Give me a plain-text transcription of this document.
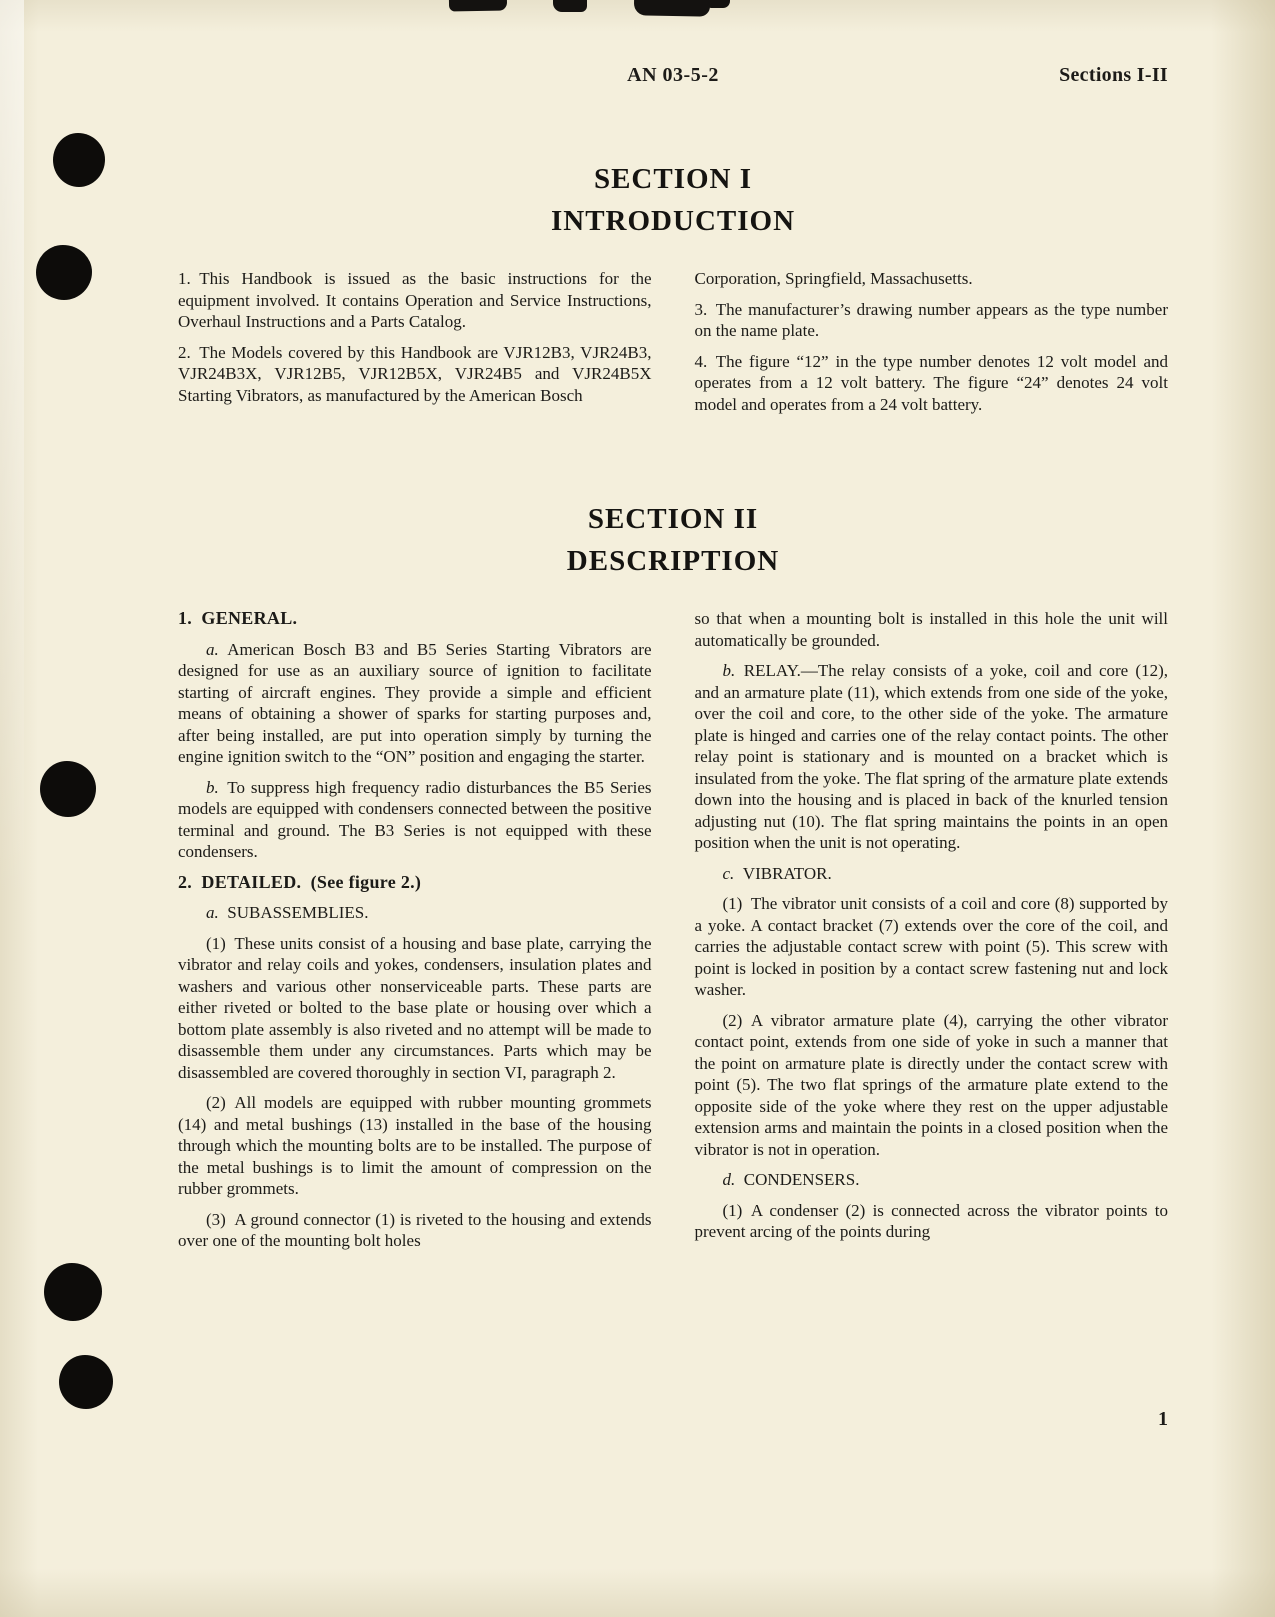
AN 03-5-2	Sections I-II
SECTION I
INTRODUCTION

1. This Handbook is issued as the basic instructions for the equipment involved. It contains Operation and Service Instructions, Overhaul Instructions and a Parts Catalog.

2. The Models covered by this Handbook are VJR12B3, VJR24B3, VJR24B3X, VJR12B5, VJR12B5X, VJR24B5 and VJR24B5X Starting Vibrators, as manufactured by the American Bosch

Corporation, Springfield, Massachusetts.

3. The manufacturer’s drawing number appears as the type number on the name plate.

4. The figure “12” in the type number denotes 12 volt model and operates from a 12 volt battery. The figure “24” denotes 24 volt model and operates from a 24 volt battery.

SECTION II
DESCRIPTION

1. GENERAL.

a. American Bosch B3 and B5 Series Starting Vibrators are designed for use as an auxiliary source of ignition to facilitate starting of aircraft engines. They provide a simple and efficient means of obtaining a shower of sparks for starting purposes and, after being installed, are put into operation simply by turning the engine ignition switch to the “ON” position and engaging the starter.

b. To suppress high frequency radio disturbances the B5 Series models are equipped with condensers connected between the positive terminal and ground. The B3 Series is not equipped with these condensers.

2. DETAILED. (See figure 2.)

a. SUBASSEMBLIES.

(1) These units consist of a housing and base plate, carrying the vibrator and relay coils and yokes, condensers, insulation plates and washers and various other nonserviceable parts. These parts are either riveted or bolted to the base plate or housing over which a bottom plate assembly is also riveted and no attempt will be made to disassemble them under any circumstances. Parts which may be disassembled are covered thoroughly in section VI, paragraph 2.

(2) All models are equipped with rubber mounting grommets (14) and metal bushings (13) installed in the base of the housing through which the mounting bolts are to be installed. The purpose of the metal bushings is to limit the amount of compression on the rubber grommets.

(3) A ground connector (1) is riveted to the housing and extends over one of the mounting bolt holes

so that when a mounting bolt is installed in this hole the unit will automatically be grounded.

b. RELAY.—The relay consists of a yoke, coil and core (12), and an armature plate (11), which extends from one side of the yoke, over the coil and core, to the other side of the yoke. The armature plate is hinged and carries one of the relay contact points. The other relay point is stationary and is mounted on a bracket which is insulated from the yoke. The flat spring of the armature plate extends down into the housing and is placed in back of the knurled tension adjusting nut (10). The flat spring maintains the points in an open position when the unit is not operating.

c. VIBRATOR.

(1) The vibrator unit consists of a coil and core (8) supported by a yoke. A contact bracket (7) extends over the core of the coil, and carries the adjustable contact screw with point (5). This screw with point is locked in position by a contact screw fastening nut and lock washer.

(2) A vibrator armature plate (4), carrying the other vibrator contact point, extends from one side of yoke in such a manner that the point on armature plate is directly under the contact screw with point (5). The two flat springs of the armature plate extend to the opposite side of the yoke where they rest on the upper adjustable extension arms and maintain the points in a closed position when the vibrator is not in operation.

d. CONDENSERS.

(1) A condenser (2) is connected across the vibrator points to prevent arcing of the points during

1
